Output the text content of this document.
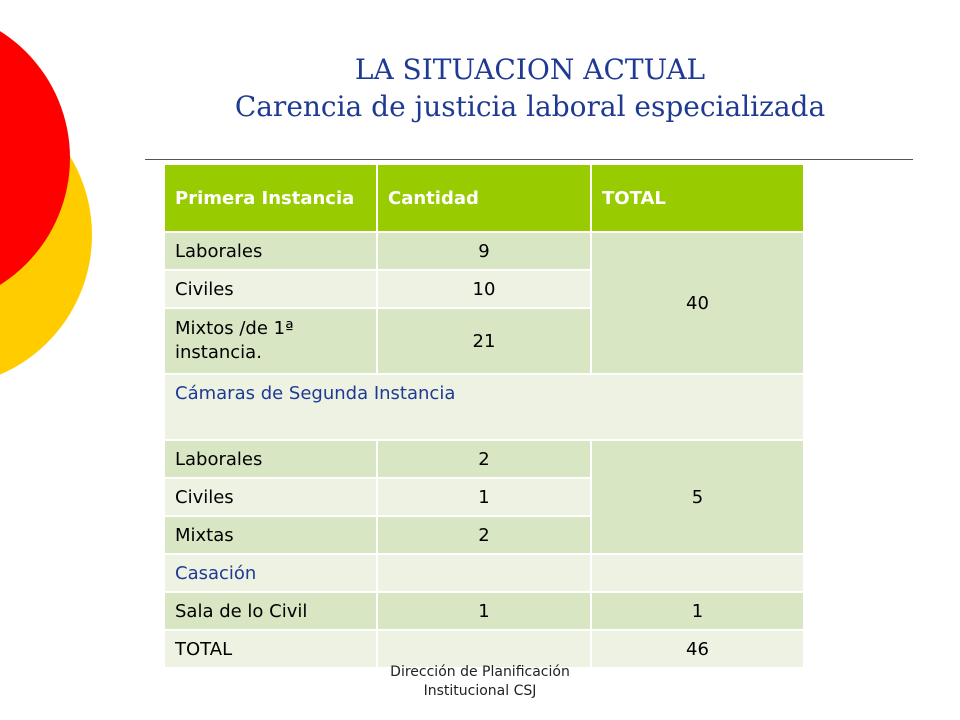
LA SITUACION ACTUAL
Carencia de justicia laboral especializada
Primera Instancia	Cantidad	TOTAL
Laborales	9	40
Civiles	10	
Mixtos /de 1ª instancia.	21	
Cámaras de Segunda Instancia		
Laborales	2	5
Civiles	1	
Mixtas	2	
Casación		
Sala de lo Civil	1	1
TOTAL		46
Dirección de Planificación
Institucional CSJ
